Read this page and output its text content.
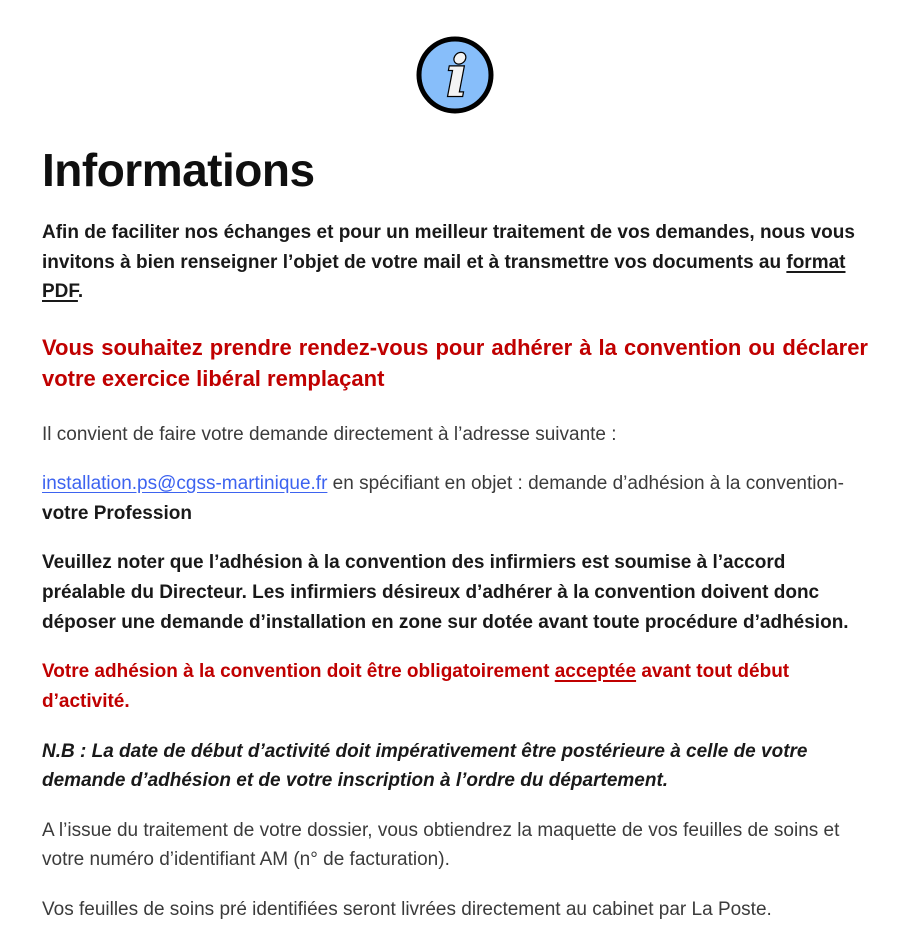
i
Informations

Afin de faciliter nos échanges et pour un meilleur traitement de vos demandes, nous vous invitons à bien renseigner l’objet de votre mail et à transmettre vos documents au format PDF.

Vous souhaitez prendre rendez-vous pour adhérer à la convention ou déclarer votre exercice libéral remplaçant

Il convient de faire votre demande directement à l’adresse suivante :

installation.ps@cgss-martinique.fr en spécifiant en objet : demande d’adhésion à la convention-votre Profession

Veuillez noter que l’adhésion à la convention des infirmiers est soumise à l’accord préalable du Directeur. Les infirmiers désireux d’adhérer à la convention doivent donc déposer une demande d’installation en zone sur dotée avant toute procédure d’adhésion.

Votre adhésion à la convention doit être obligatoirement acceptée avant tout début d’activité.

N.B : La date de début d’activité doit impérativement être postérieure à celle de votre demande d’adhésion et de votre inscription à l’ordre du département.

A l’issue du traitement de votre dossier, vous obtiendrez la maquette de vos feuilles de soins et votre numéro d’identifiant AM (n° de facturation).

Vos feuilles de soins pré identifiées seront livrées directement au cabinet par La Poste.
